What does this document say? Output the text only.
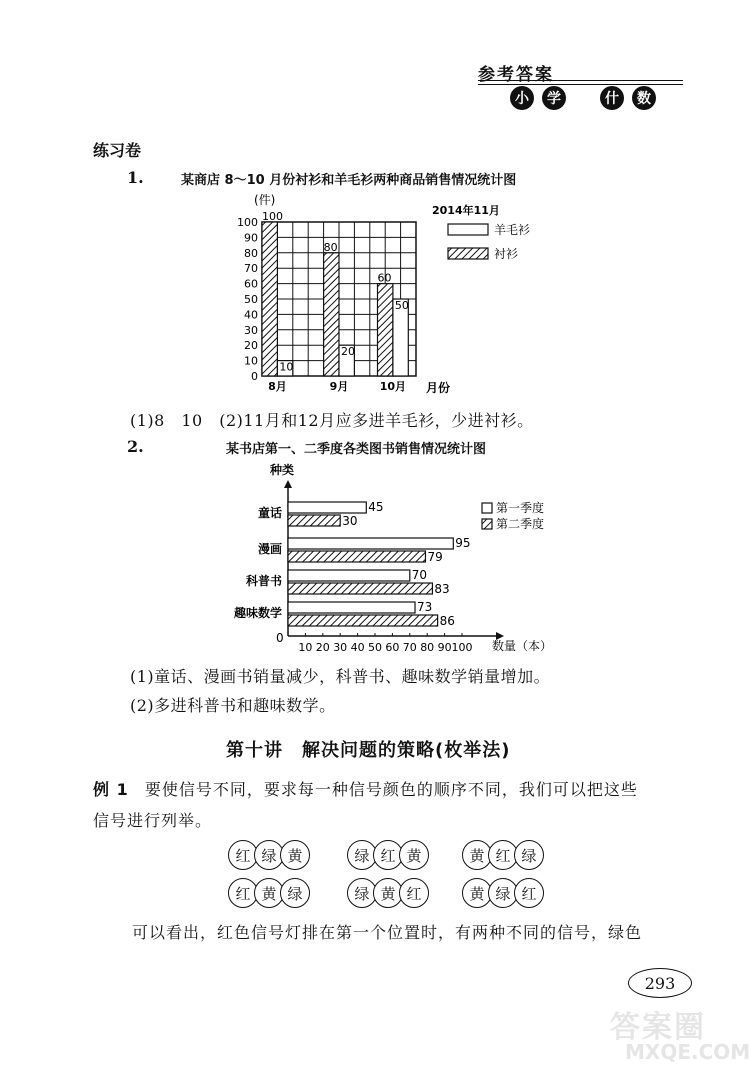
参考答案
小	学	什	数
练习卷
1.	某商店 8～10 月份衬衫和羊毛衫两种商品销售情况统计图
0
10
20
30
40
50
60
70
80
90
100 100
10
8月
80
20
9月
60
50
10月
(件)
月份
2014年11月
羊毛衫
衬衫
(1)8　10　(2)11月和12月应多进羊毛衫，少进衬衫。
2.	某书店第一、二季度各类图书销售情况统计图
10 20 30 40 50 60 70 80 90 100
45
30
童话
95
79
漫画
70
83
科普书
73
86
趣味数学
种类
数量（本）
0
第一季度
第二季度
(1)童话、漫画书销量减少，科普书、趣味数学销量增加。
(2)多进科普书和趣味数学。
第十讲　解决问题的策略(枚举法)
例 1 要使信号不同，要求每一种信号颜色的顺序不同，我们可以把这些
信号进行列举。
红 绿 黄	绿 红 黄	黄 红 绿
红 黄 绿	绿 黄 红	黄 绿 红
可以看出，红色信号灯排在第一个位置时，有两种不同的信号，绿色
293
答案圈
MXQE.COM
